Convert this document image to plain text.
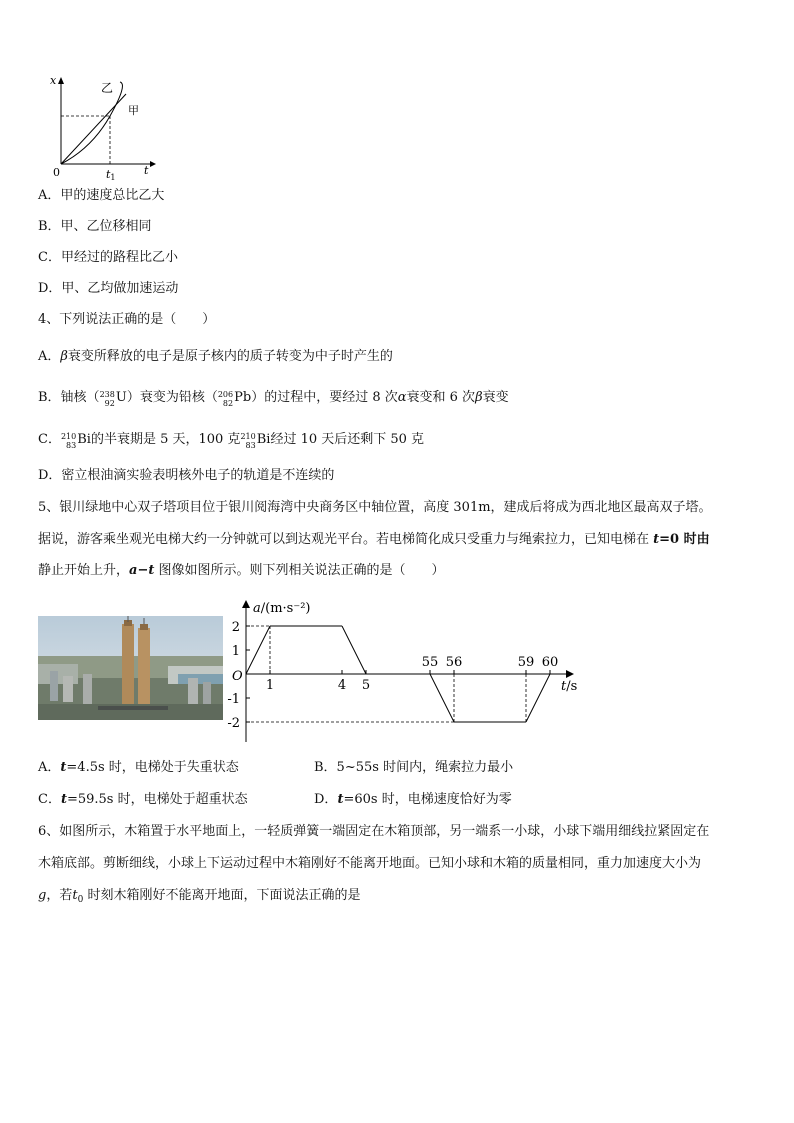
x
t
0	t1
乙
甲
A．甲的速度总比乙大
B．甲、乙位移相同
C．甲经过的路程比乙小
D．甲、乙均做加速运动
4、下列说法正确的是（　　）
A．β衰变所释放的电子是原子核内的质子转变为中子时产生的
B．铀核（238
92U）衰变为铅核（206
82Pb）的过程中，要经过 8 次α衰变和 6 次β衰变
C．210
83Bi的半衰期是 5 天，100 克210
83Bi经过 10 天后还剩下 50 克
D．密立根油滴实验表明核外电子的轨道是不连续的
5、银川绿地中心双子塔项目位于银川阅海湾中央商务区中轴位置，高度 301m，建成后将成为西北地区最高双子塔。
据说，游客乘坐观光电梯大约一分钟就可以到达观光平台。若电梯简化成只受重力与绳索拉力，已知电梯在 t=0 时由
静止开始上升，a−t 图像如图所示。则下列相关说法正确的是（　　）
2
1
-1
-2
1	4 5
55 56	59 60
a/(m·s⁻²)
t/s
O
A．t=4.5s 时，电梯处于失重状态	B．5~55s 时间内，绳索拉力最小
C．t=59.5s 时，电梯处于超重状态	D．t=60s 时，电梯速度恰好为零
6、如图所示，木箱置于水平地面上，一轻质弹簧一端固定在木箱顶部，另一端系一小球，小球下端用细线拉紧固定在
木箱底部。剪断细线，小球上下运动过程中木箱刚好不能离开地面。已知小球和木箱的质量相同，重力加速度大小为
g，若$t_0$ 时刻木箱刚好不能离开地面，下面说法正确的是
